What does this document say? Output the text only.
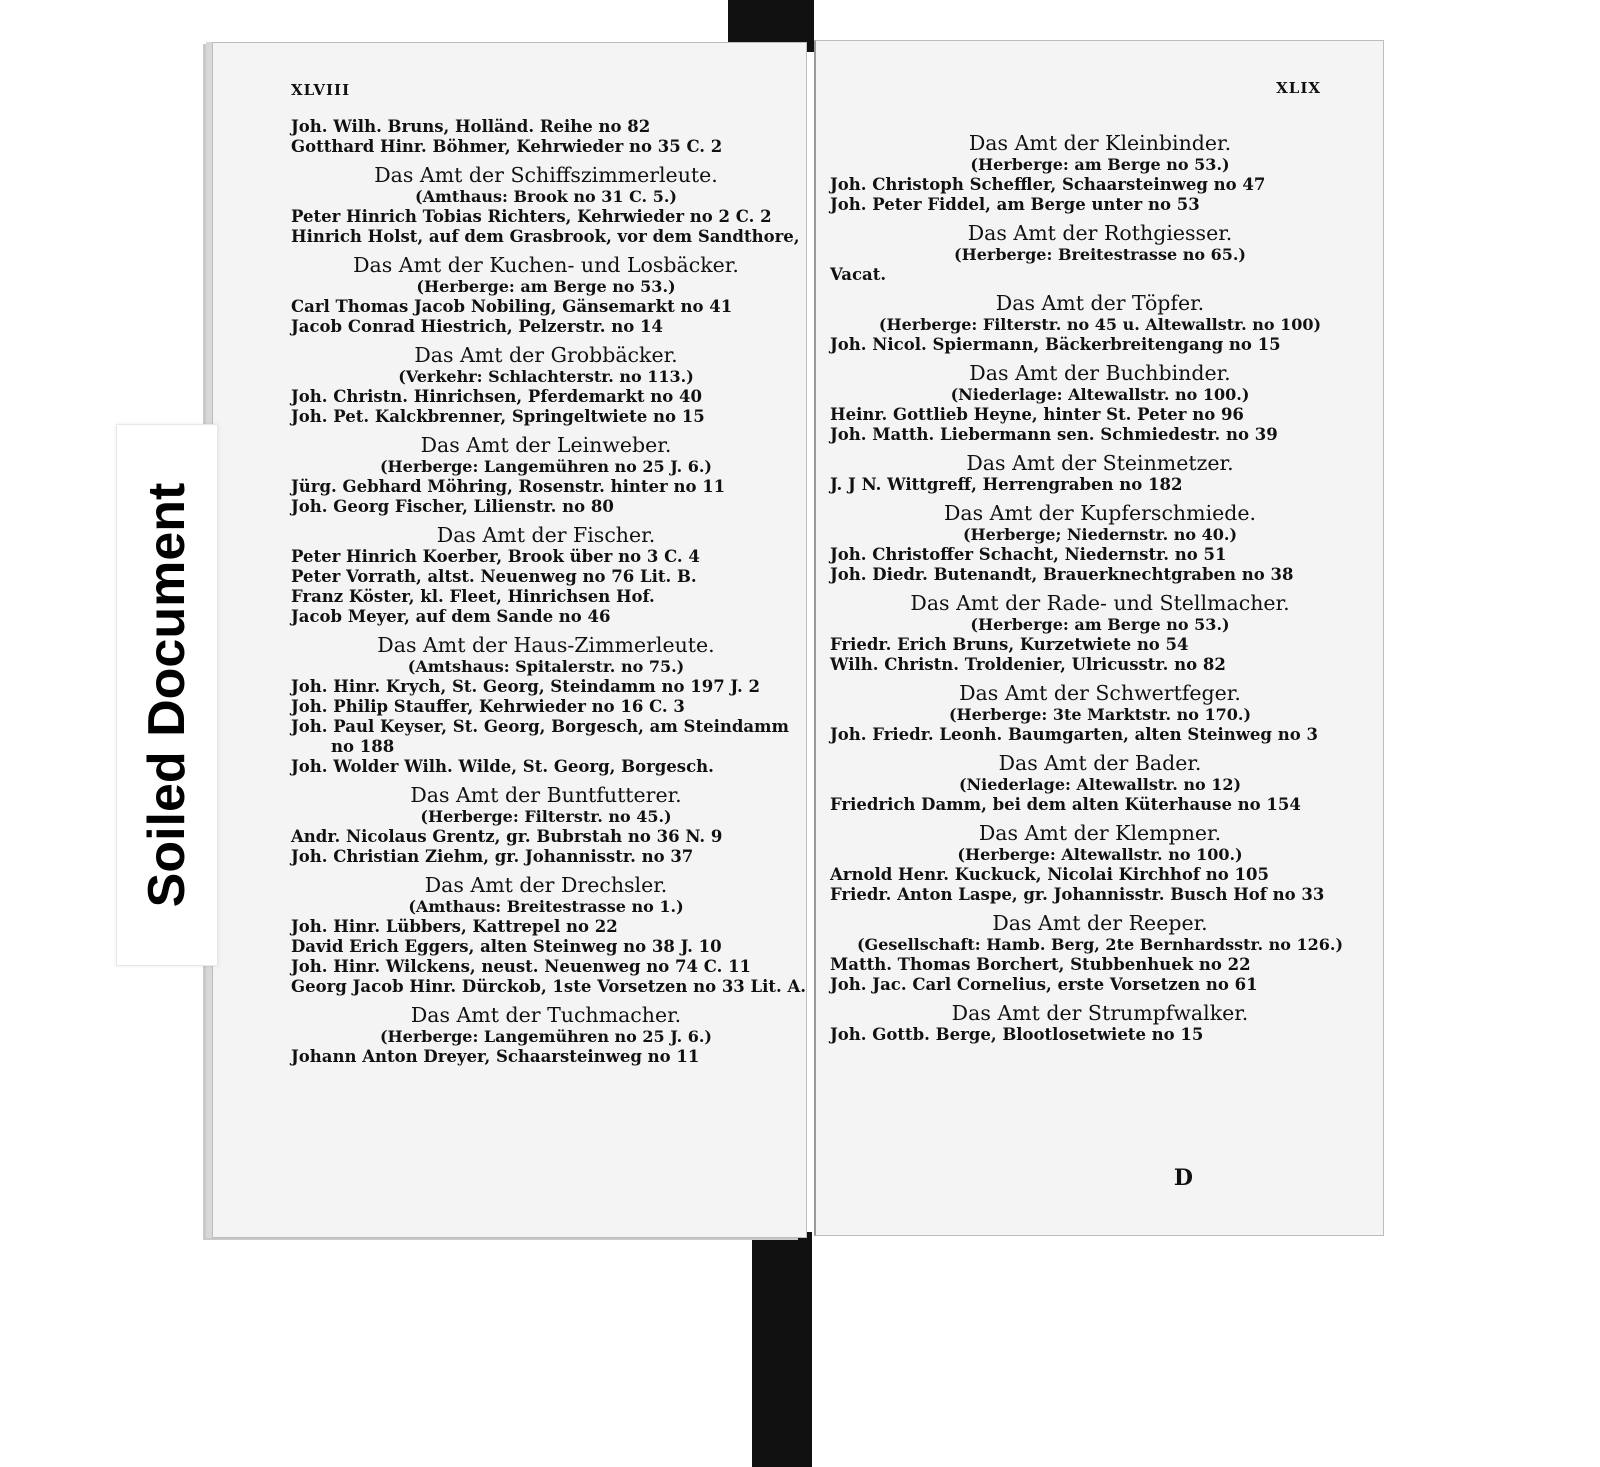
XLVIII
Joh. Wilh. Bruns, Holländ. Reihe no 82
Gotthard Hinr. Böhmer, Kehrwieder no 35 C. 2
Das Amt der Schiffszimmerleute.
(Amthaus: Brook no 31 C. 5.)
Peter Hinrich Tobias Richters, Kehrwieder no 2 C. 2
Hinrich Holst, auf dem Grasbrook, vor dem Sandthore,
Das Amt der Kuchen- und Losbäcker.
(Herberge: am Berge no 53.)
Carl Thomas Jacob Nobiling, Gänsemarkt no 41
Jacob Conrad Hiestrich, Pelzerstr. no 14
Das Amt der Grobbäcker.
(Verkehr: Schlachterstr. no 113.)
Joh. Christn. Hinrichsen, Pferdemarkt no 40
Joh. Pet. Kalckbrenner, Springeltwiete no 15
Das Amt der Leinweber.
(Herberge: Langemühren no 25 J. 6.)
Jürg. Gebhard Möhring, Rosenstr. hinter no 11
Joh. Georg Fischer, Lilienstr. no 80
Das Amt der Fischer.
Peter Hinrich Koerber, Brook über no 3 C. 4
Peter Vorrath, altst. Neuenweg no 76 Lit. B.
Franz Köster, kl. Fleet, Hinrichsen Hof.
Jacob Meyer, auf dem Sande no 46
Das Amt der Haus-Zimmerleute.
(Amtshaus: Spitalerstr. no 75.)
Joh. Hinr. Krych, St. Georg, Steindamm no 197 J. 2
Joh. Philip Stauffer, Kehrwieder no 16 C. 3
Joh. Paul Keyser, St. Georg, Borgesch, am Steindamm
no 188
Joh. Wolder Wilh. Wilde, St. Georg, Borgesch.
Das Amt der Buntfutterer.
(Herberge: Filterstr. no 45.)
Andr. Nicolaus Grentz, gr. Bubrstah no 36 N. 9
Joh. Christian Ziehm, gr. Johannisstr. no 37
Das Amt der Drechsler.
(Amthaus: Breitestrasse no 1.)
Joh. Hinr. Lübbers, Kattrepel no 22
David Erich Eggers, alten Steinweg no 38 J. 10
Joh. Hinr. Wilckens, neust. Neuenweg no 74 C. 11
Georg Jacob Hinr. Dürckob, 1ste Vorsetzen no 33 Lit. A.
Das Amt der Tuchmacher.
(Herberge: Langemühren no 25 J. 6.)
Johann Anton Dreyer, Schaarsteinweg no 11
XLIX
Das Amt der Kleinbinder.
(Herberge: am Berge no 53.)
Joh. Christoph Scheffler, Schaarsteinweg no 47
Joh. Peter Fiddel, am Berge unter no 53
Das Amt der Rothgiesser.
(Herberge: Breitestrasse no 65.)
Vacat.
Das Amt der Töpfer.
(Herberge: Filterstr. no 45 u. Altewallstr. no 100)
Joh. Nicol. Spiermann, Bäckerbreitengang no 15
Das Amt der Buchbinder.
(Niederlage: Altewallstr. no 100.)
Heinr. Gottlieb Heyne, hinter St. Peter no 96
Joh. Matth. Liebermann sen. Schmiedestr. no 39
Das Amt der Steinmetzer.
J. J N. Wittgreff, Herrengraben no 182
Das Amt der Kupferschmiede.
(Herberge; Niedernstr. no 40.)
Joh. Christoffer Schacht, Niedernstr. no 51
Joh. Diedr. Butenandt, Brauerknechtgraben no 38
Das Amt der Rade- und Stellmacher.
(Herberge: am Berge no 53.)
Friedr. Erich Bruns, Kurzetwiete no 54
Wilh. Christn. Troldenier, Ulricusstr. no 82
Das Amt der Schwertfeger.
(Herberge: 3te Marktstr. no 170.)
Joh. Friedr. Leonh. Baumgarten, alten Steinweg no 3
Das Amt der Bader.
(Niederlage: Altewallstr. no 12)
Friedrich Damm, bei dem alten Küterhause no 154
Das Amt der Klempner.
(Herberge: Altewallstr. no 100.)
Arnold Henr. Kuckuck, Nicolai Kirchhof no 105
Friedr. Anton Laspe, gr. Johannisstr. Busch Hof no 33
Das Amt der Reeper.
(Gesellschaft: Hamb. Berg, 2te Bernhardsstr. no 126.)
Matth. Thomas Borchert, Stubbenhuek no 22
Joh. Jac. Carl Cornelius, erste Vorsetzen no 61
Das Amt der Strumpfwalker.
Joh. Gottb. Berge, Blootlosetwiete no 15
D
Soiled Document
